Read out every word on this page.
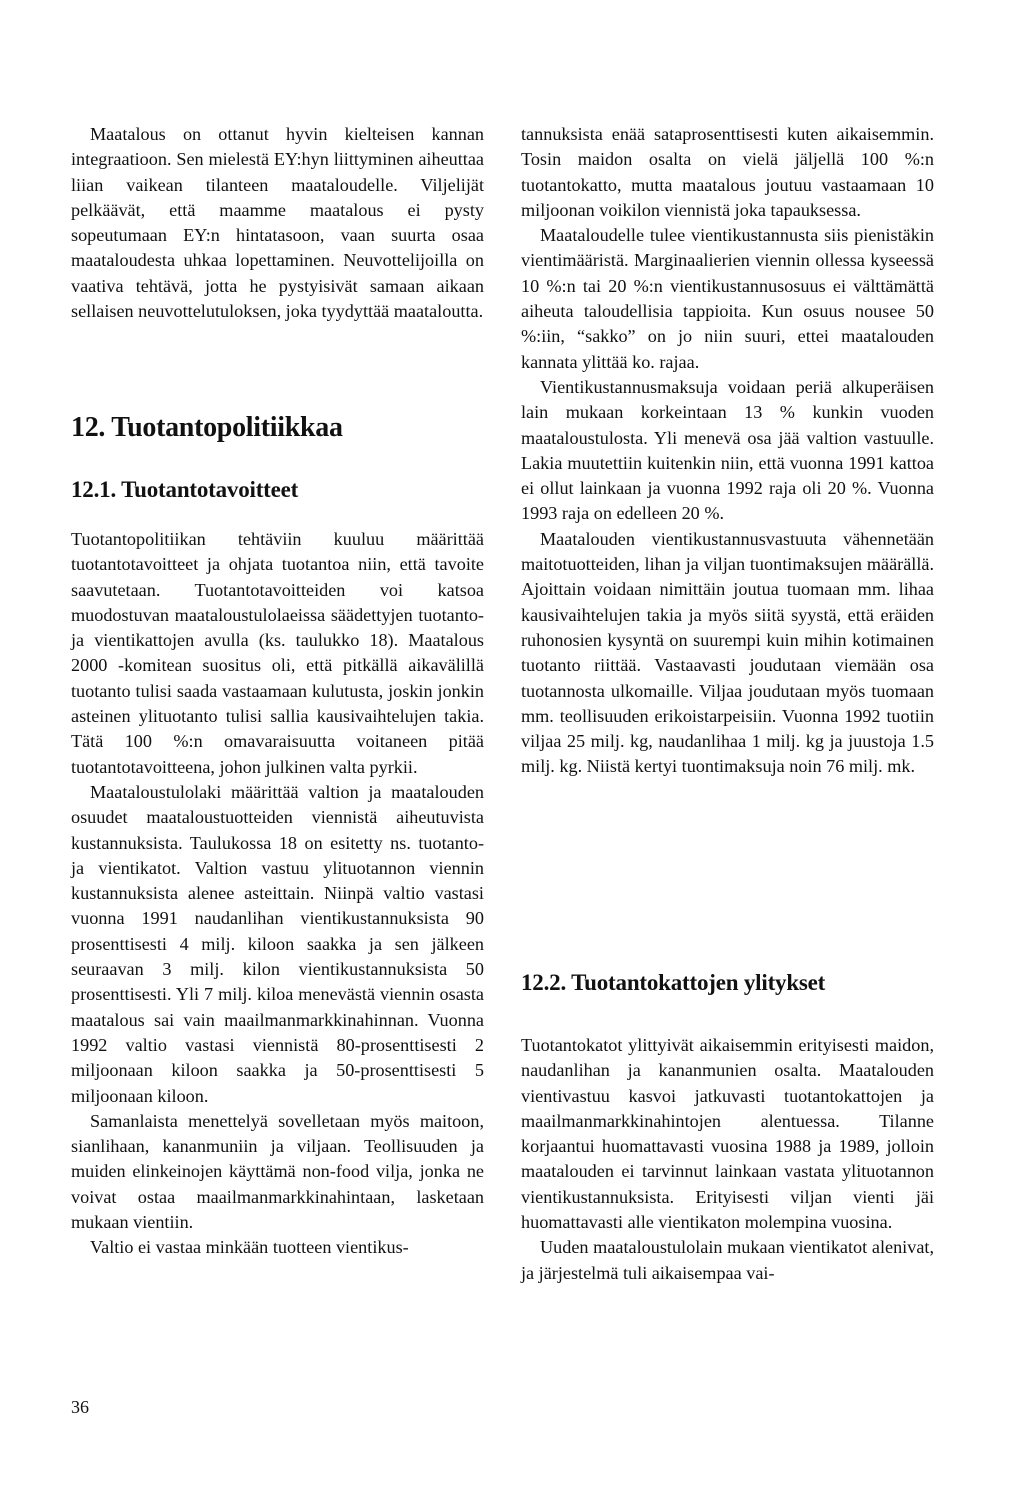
Maatalous on ottanut hyvin kielteisen kannan integraatioon. Sen mielestä EY:hyn liittyminen aiheuttaa liian vaikean tilanteen maataloudelle. Viljelijät pelkäävät, että maamme maatalous ei pysty sopeutumaan EY:n hintatasoon, vaan suurta osaa maataloudesta uhkaa lopettaminen. Neuvottelijoilla on vaativa tehtävä, jotta he pystyisivät samaan aikaan sellaisen neuvottelutuloksen, joka tyydyttää maataloutta.

12. Tuotantopolitiikkaa
12.1. Tuotantotavoitteet

Tuotantopolitiikan tehtäviin kuuluu määrittää tuotantotavoitteet ja ohjata tuotantoa niin, että tavoite saavutetaan. Tuotantotavoitteiden voi katsoa muodostuvan maataloustulolaeissa säädettyjen tuotanto- ja vientikattojen avulla (ks. taulukko 18). Maatalous 2000 -komitean suositus oli, että pitkällä aikavälillä tuotanto tulisi saada vastaamaan kulutusta, joskin jonkin asteinen ylituotanto tulisi sallia kausivaihtelujen takia. Tätä 100 %:n omavaraisuutta voitaneen pitää tuotantotavoitteena, johon julkinen valta pyrkii.

Maataloustulolaki määrittää valtion ja maatalouden osuudet maataloustuotteiden viennistä aiheutuvista kustannuksista. Taulukossa 18 on esitetty ns. tuotanto- ja vientikatot. Valtion vastuu ylituotannon viennin kustannuksista alenee asteittain. Niinpä valtio vastasi vuonna 1991 naudanlihan vientikustannuksista 90 prosenttisesti 4 milj. kiloon saakka ja sen jälkeen seuraavan 3 milj. kilon vientikustannuksista 50 prosenttisesti. Yli 7 milj. kiloa menevästä viennin osasta maatalous sai vain maailmanmarkkinahinnan. Vuonna 1992 valtio vastasi viennistä 80-prosenttisesti 2 miljoonaan kiloon saakka ja 50-prosenttisesti 5 miljoonaan kiloon.

Samanlaista menettelyä sovelletaan myös maitoon, sianlihaan, kananmuniin ja viljaan. Teollisuuden ja muiden elinkeinojen käyttämä non-food vilja, jonka ne voivat ostaa maailmanmarkkinahintaan, lasketaan mukaan vientiin.

Valtio ei vastaa minkään tuotteen vientikus-

tannuksista enää sataprosenttisesti kuten aikaisemmin. Tosin maidon osalta on vielä jäljellä 100 %:n tuotantokatto, mutta maatalous joutuu vastaamaan 10 miljoonan voikilon viennistä joka tapauksessa.

Maataloudelle tulee vientikustannusta siis pienistäkin vientimääristä. Marginaalierien viennin ollessa kyseessä 10 %:n tai 20 %:n vientikustannusosuus ei välttämättä aiheuta taloudellisia tappioita. Kun osuus nousee 50 %:iin, “sakko” on jo niin suuri, ettei maatalouden kannata ylittää ko. rajaa.

Vientikustannusmaksuja voidaan periä alkuperäisen lain mukaan korkeintaan 13 % kunkin vuoden maataloustulosta. Yli menevä osa jää valtion vastuulle. Lakia muutettiin kuitenkin niin, että vuonna 1991 kattoa ei ollut lainkaan ja vuonna 1992 raja oli 20 %. Vuonna 1993 raja on edelleen 20 %.

Maatalouden vientikustannusvastuuta vähennetään maitotuotteiden, lihan ja viljan tuontimaksujen määrällä. Ajoittain voidaan nimittäin joutua tuomaan mm. lihaa kausivaihtelujen takia ja myös siitä syystä, että eräiden ruhonosien kysyntä on suurempi kuin mihin kotimainen tuotanto riittää. Vastaavasti joudutaan viemään osa tuotannosta ulkomaille. Viljaa joudutaan myös tuomaan mm. teollisuuden erikoistarpeisiin. Vuonna 1992 tuotiin viljaa 25 milj. kg, naudanlihaa 1 milj. kg ja juustoja 1.5 milj. kg. Niistä kertyi tuontimaksuja noin 76 milj. mk.

12.2. Tuotantokattojen ylitykset

Tuotantokatot ylittyivät aikaisemmin erityisesti maidon, naudanlihan ja kananmunien osalta. Maatalouden vientivastuu kasvoi jatkuvasti tuotantokattojen ja maailmanmarkkinahintojen alentuessa. Tilanne korjaantui huomattavasti vuosina 1988 ja 1989, jolloin maatalouden ei tarvinnut lainkaan vastata ylituotannon vientikustannuksista. Erityisesti viljan vienti jäi huomattavasti alle vientikaton molempina vuosina.

Uuden maataloustulolain mukaan vientikatot alenivat, ja järjestelmä tuli aikaisempaa vai-

36
